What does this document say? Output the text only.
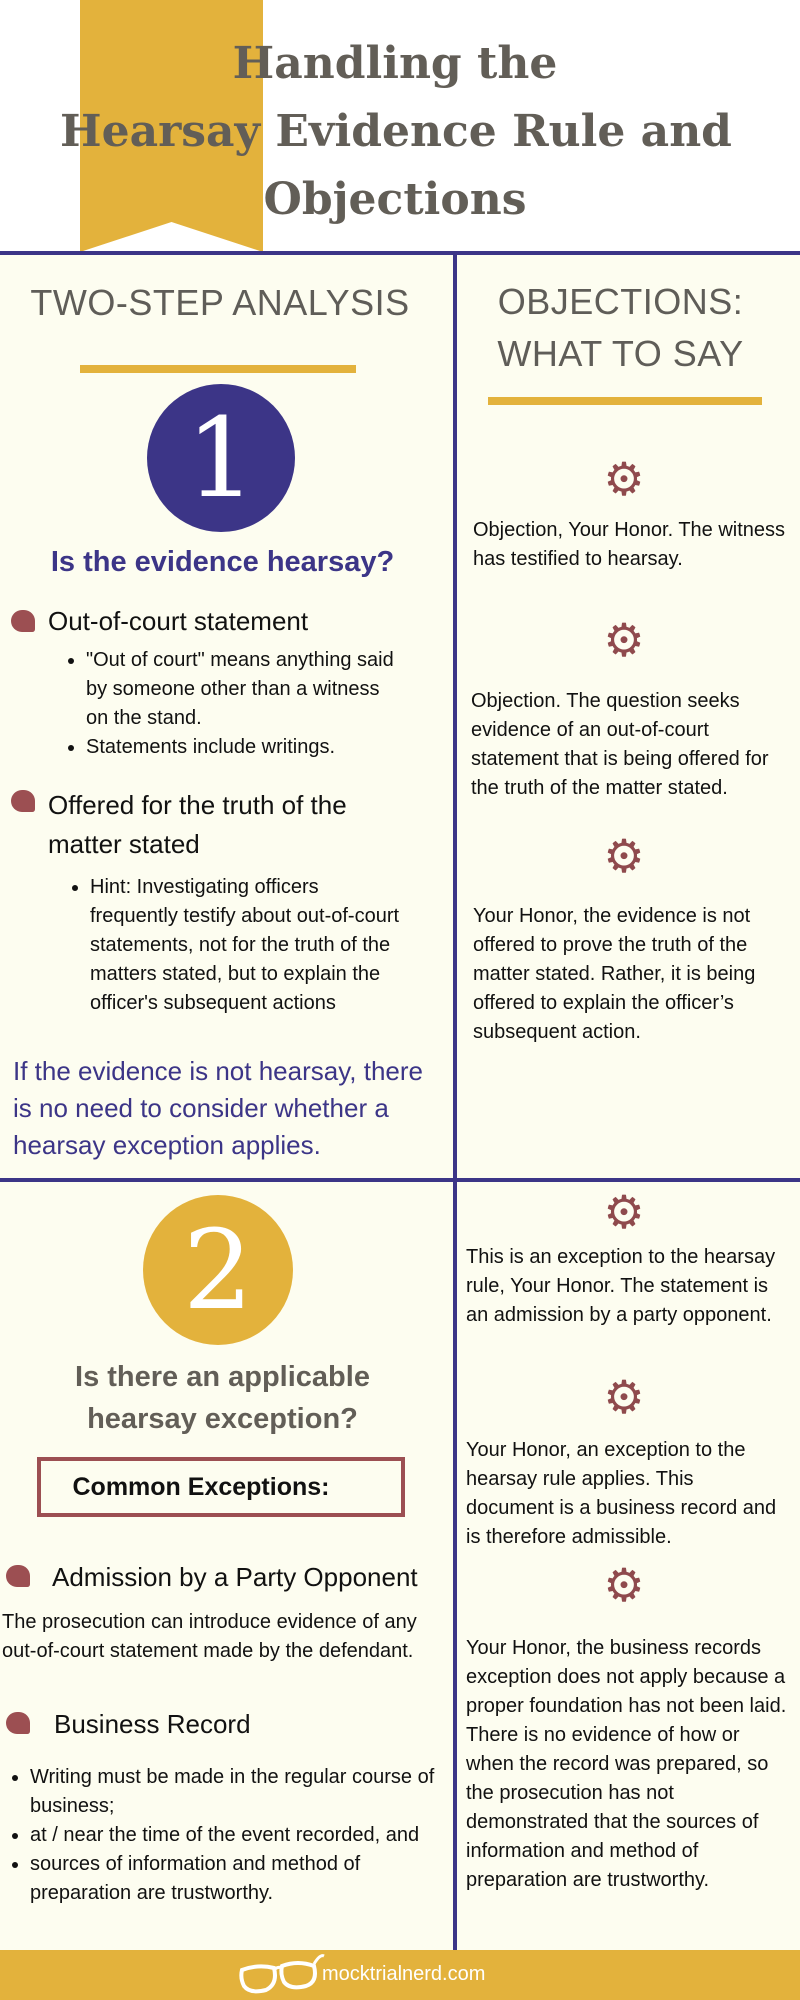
Handling the
Hearsay Evidence Rule and
Objections
TWO-STEP ANALYSIS
1
Is the evidence hearsay?
Out-of-court statement
• "Out of court" means anything said by someone other than a witness on the stand.
• Statements include writings.
Offered for the truth of the
matter stated
• Hint: Investigating officers frequently testify about out-of-court statements, not for the truth of the matters stated, but to explain the officer's subsequent actions
If the evidence is not hearsay, there is no need to consider whether a hearsay exception applies.
2
Is there an applicable
hearsay exception?
Common Exceptions:
Admission by a Party Opponent
The prosecution can introduce evidence of any out-of-court statement made by the defendant.
Business Record
• Writing must be made in the regular course of business;
• at / near the time of the event recorded, and
• sources of information and method of preparation are trustworthy.
OBJECTIONS:
WHAT TO SAY
⚙
Objection, Your Honor. The witness has testified to hearsay.
⚙
Objection. The question seeks evidence of an out-of-court statement that is being offered for the truth of the matter stated.
⚙
Your Honor, the evidence is not offered to prove the truth of the matter stated. Rather, it is being offered to explain the officer’s subsequent action.
⚙
This is an exception to the hearsay rule, Your Honor. The statement is an admission by a party opponent.
⚙
Your Honor, an exception to the hearsay rule applies. This document is a business record and is therefore admissible.
⚙
Your Honor, the business records exception does not apply because a proper foundation has not been laid. There is no evidence of how or when the record was prepared, so the prosecution has not demonstrated that the sources of information and method of preparation are trustworthy.
mocktrialnerd.com
